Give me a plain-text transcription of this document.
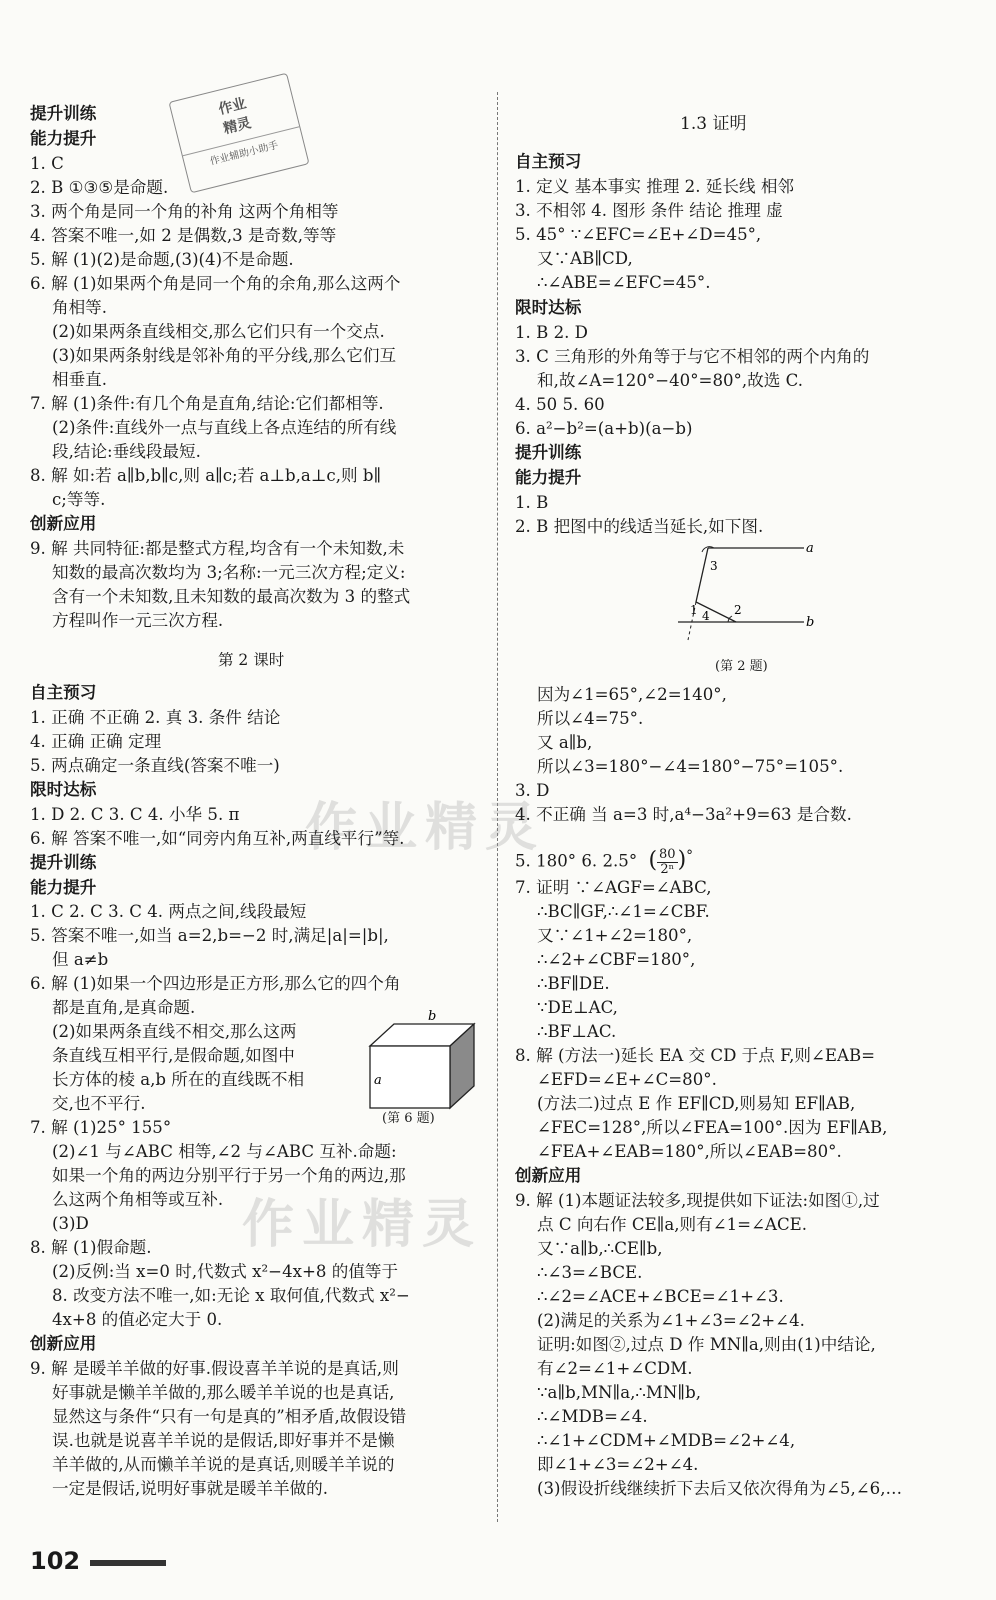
作业
精灵
作业辅助小助手
作业精灵
作业精灵
提升训练
能力提升
1. C
2. B ①③⑤是命题.
3. 两个角是同一个角的补角 这两个角相等
4. 答案不唯一,如 2 是偶数,3 是奇数,等等
5. 解 (1)(2)是命题,(3)(4)不是命题.
6. 解 (1)如果两个角是同一个角的余角,那么这两个
角相等.
(2)如果两条直线相交,那么它们只有一个交点.
(3)如果两条射线是邻补角的平分线,那么它们互
相垂直.
7. 解 (1)条件:有几个角是直角,结论:它们都相等.
(2)条件:直线外一点与直线上各点连结的所有线
段,结论:垂线段最短.
8. 解 如:若 a∥b,b∥c,则 a∥c;若 a⊥b,a⊥c,则 b∥
c;等等.
创新应用
9. 解 共同特征:都是整式方程,均含有一个未知数,未
知数的最高次数均为 3;名称:一元三次方程;定义:
含有一个未知数,且未知数的最高次数为 3 的整式
方程叫作一元三次方程.
第 2 课时
自主预习
1. 正确 不正确 2. 真 3. 条件 结论
4. 正确 正确 定理
5. 两点确定一条直线(答案不唯一)
限时达标
1. D 2. C 3. C 4. 小华 5. π
6. 解 答案不唯一,如“同旁内角互补,两直线平行”等.
提升训练
能力提升
1. C 2. C 3. C 4. 两点之间,线段最短
5. 答案不唯一,如当 a=2,b=−2 时,满足|a|=|b|,
但 a≠b
6. 解 (1)如果一个四边形是正方形,那么它的四个角
都是直角,是真命题.
(2)如果两条直线不相交,那么这两
条直线互相平行,是假命题,如图中
长方体的棱 a,b 所在的直线既不相
交,也不平行.
7. 解 (1)25° 155°
(2)∠1 与∠ABC 相等,∠2 与∠ABC 互补.命题:
如果一个角的两边分别平行于另一个角的两边,那
么这两个角相等或互补.
(3)D
8. 解 (1)假命题.
(2)反例:当 x=0 时,代数式 x²−4x+8 的值等于
8. 改变方法不唯一,如:无论 x 取何值,代数式 x²−
4x+8 的值必定大于 0.
创新应用
9. 解 是暖羊羊做的好事.假设喜羊羊说的是真话,则
好事就是懒羊羊做的,那么暖羊羊说的也是真话,
显然这与条件“只有一句是真的”相矛盾,故假设错
误.也就是说喜羊羊说的是假话,即好事并不是懒
羊羊做的,从而懒羊羊说的是真话,则暖羊羊说的
一定是假话,说明好事就是暖羊羊做的.
b
a
(第 6 题)
1.3 证明
自主预习
1. 定义 基本事实 推理 2. 延长线 相邻
3. 不相邻 4. 图形 条件 结论 推理 虚
5. 45° ∵∠EFC=∠E+∠D=45°,
又∵AB∥CD,
∴∠ABE=∠EFC=45°.
限时达标
1. B 2. D
3. C 三角形的外角等于与它不相邻的两个内角的
和,故∠A=120°−40°=80°,故选 C.
4. 50 5. 60
6. a²−b²=(a+b)(a−b)
提升训练
能力提升
1. B
2. B 把图中的线适当延长,如下图.
(第 2 题)
因为∠1=65°,∠2=140°,
所以∠4=75°.
又 a∥b,
所以∠3=180°−∠4=180°−75°=105°.
3. D
4. 不正确 当 a=3 时,a⁴−3a²+9=63 是合数.
5. 180° 6. 2.5° ( $\frac{80}{\text{2ⁿ}} )^\circ$
7. 证明 ∵∠AGF=∠ABC,
∴BC∥GF,∴∠1=∠CBF.
又∵∠1+∠2=180°,
∴∠2+∠CBF=180°,
∴BF∥DE.
∵DE⊥AC,
∴BF⊥AC.
8. 解 (方法一)延长 EA 交 CD 于点 F,则∠EAB=
∠EFD=∠E+∠C=80°.
(方法二)过点 E 作 EF∥CD,则易知 EF∥AB,
∠FEC=128°,所以∠FEA=100°.因为 EF∥AB,
∠FEA+∠EAB=180°,所以∠EAB=80°.
创新应用
9. 解 (1)本题证法较多,现提供如下证法:如图①,过
点 C 向右作 CE∥a,则有∠1=∠ACE.
又∵a∥b,∴CE∥b,
∴∠3=∠BCE.
∴∠2=∠ACE+∠BCE=∠1+∠3.
(2)满足的关系为∠1+∠3=∠2+∠4.
证明:如图②,过点 D 作 MN∥a,则由(1)中结论,
有∠2=∠1+∠CDM.
∵a∥b,MN∥a,∴MN∥b,
∴∠MDB=∠4.
∴∠1+∠CDM+∠MDB=∠2+∠4,
即∠1+∠3=∠2+∠4.
(3)假设折线继续折下去后又依次得角为∠5,∠6,…
a
b
3
1 4 2
102
